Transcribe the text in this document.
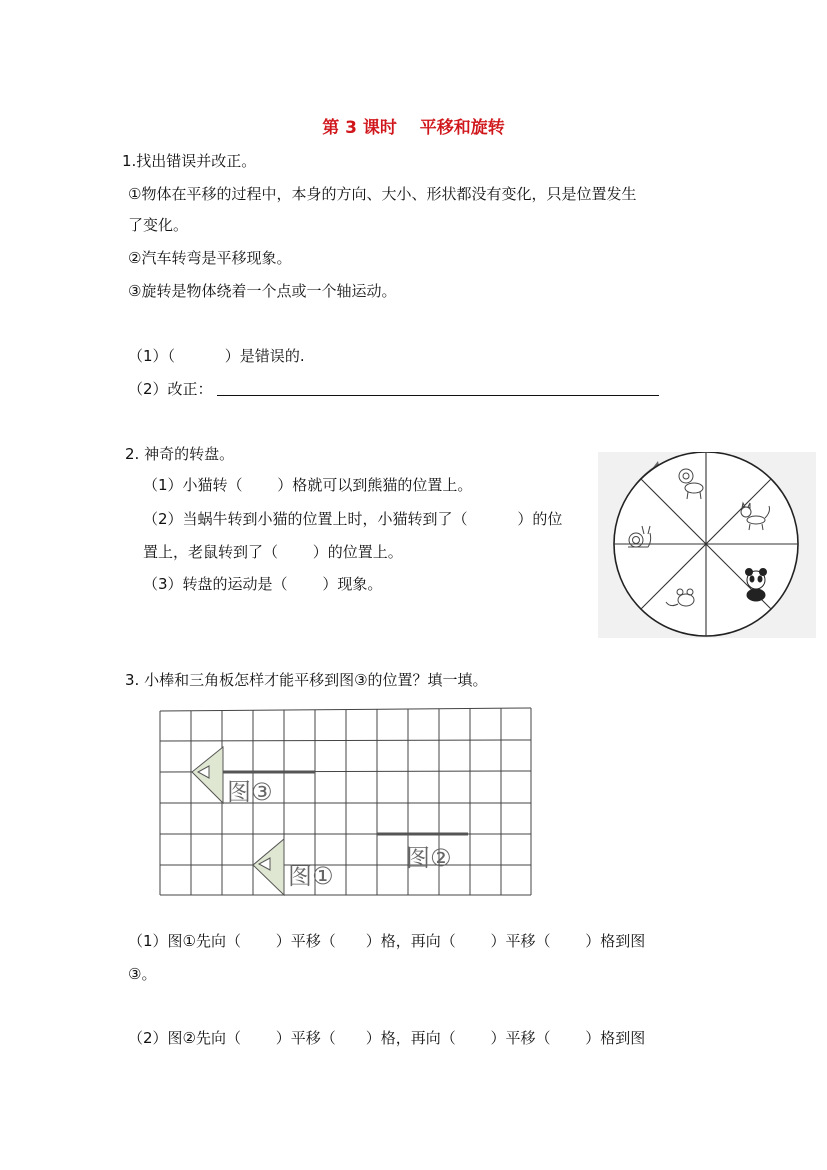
第 3 课时　 平移和旋转
1.找出错误并改正。
①物体在平移的过程中，本身的方向、大小、形状都没有变化，只是位置发生
了变化。
②汽车转弯是平移现象。
③旋转是物体绕着一个点或一个轴运动。
（1）（　　　 ）是错误的.
（2）改正：
2. 神奇的转盘。
（1）小猫转（　　 ）格就可以到熊猫的位置上。
（2）当蜗牛转到小猫的位置上时，小猫转到了（　　　 ）的位
置上，老鼠转到了（　　 ）的位置上。
（3）转盘的运动是（　　 ）现象。
3. 小棒和三角板怎样才能平移到图③的位置？填一填。
图③
图①
图②
（1）图①先向（　　 ）平移（　　）格，再向（　　 ）平移（　　 ）格到图
③。
（2）图②先向（　　 ）平移（　　）格，再向（　　 ）平移（　　 ）格到图
